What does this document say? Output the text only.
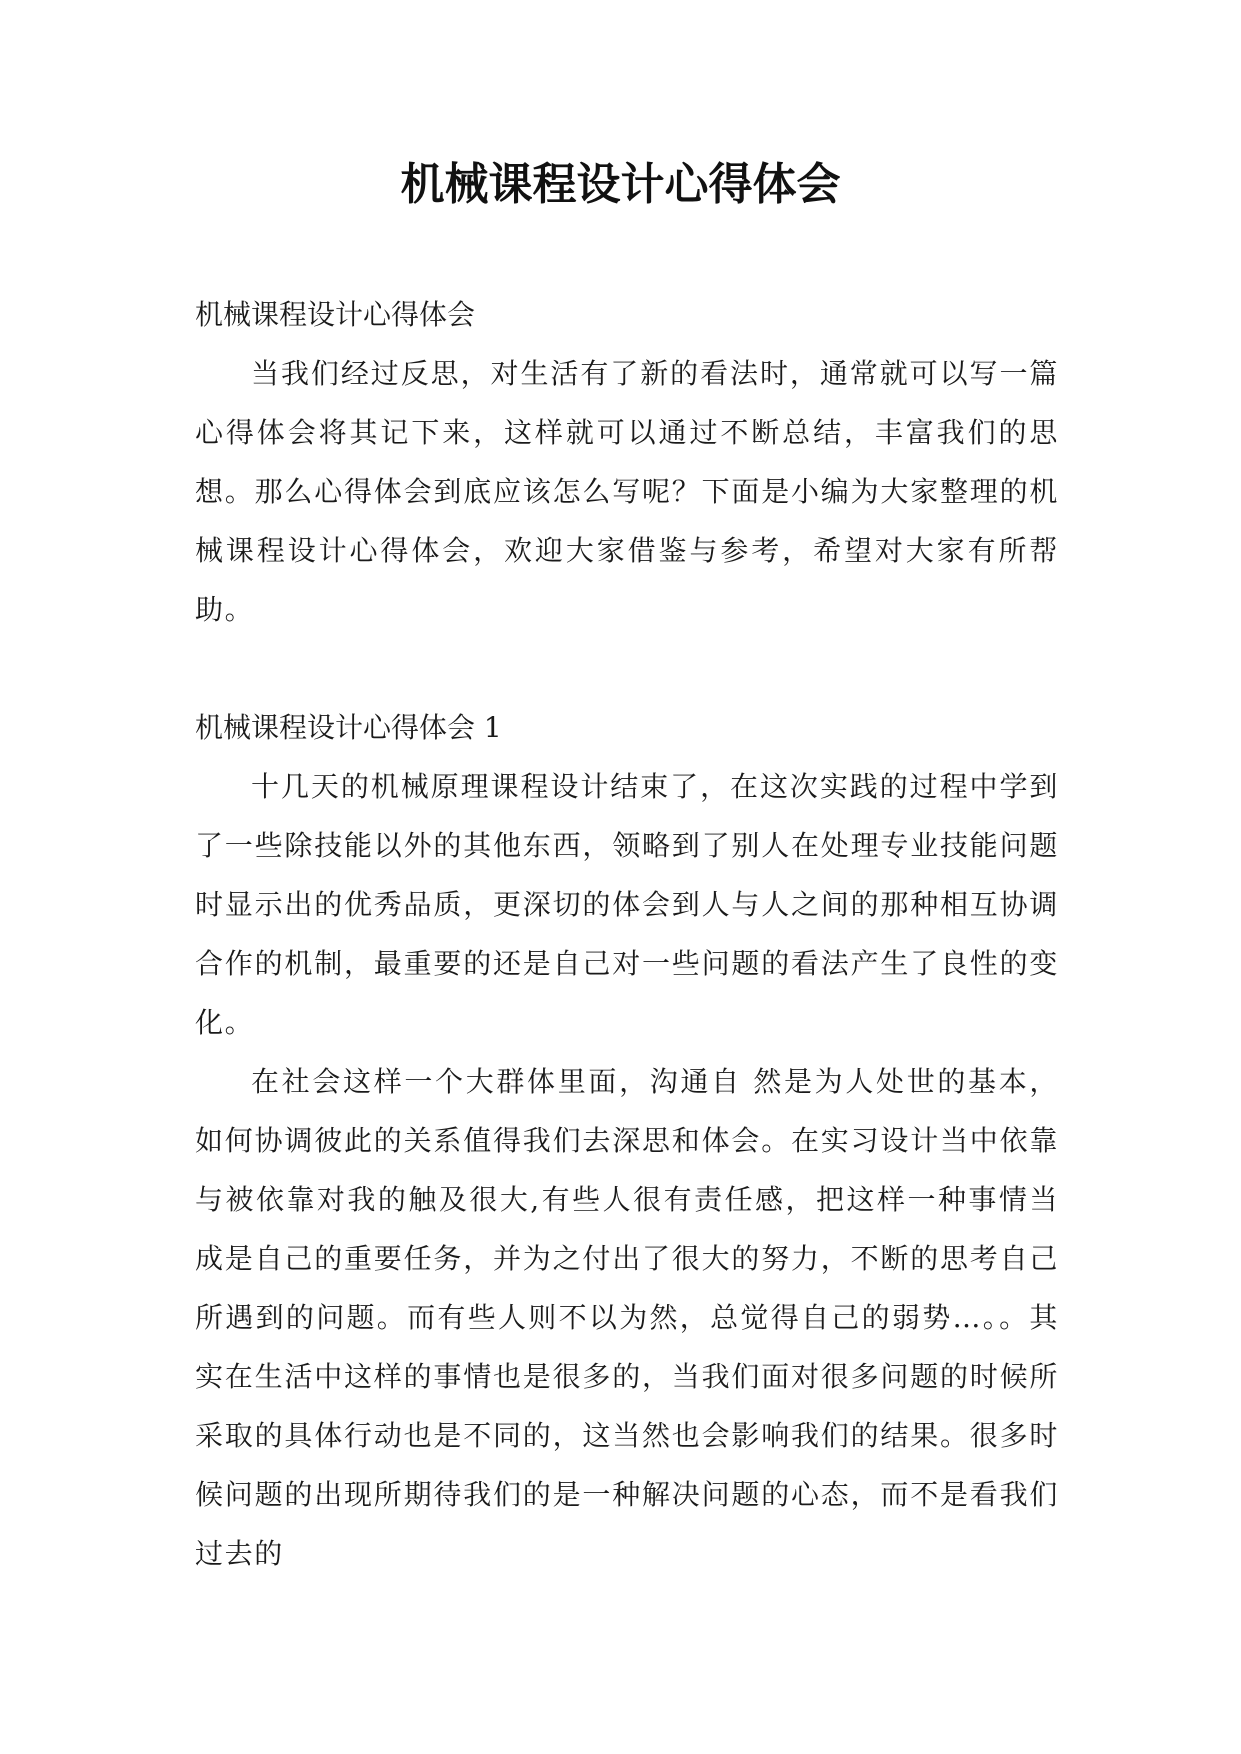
机械课程设计心得体会

机械课程设计心得体会

当我们经过反思，对生活有了新的看法时，通常就可以写一篇心得体会将其记下来，这样就可以通过不断总结，丰富我们的思想。那么心得体会到底应该怎么写呢？下面是小编为大家整理的机械课程设计心得体会，欢迎大家借鉴与参考，希望对大家有所帮助。

机械课程设计心得体会 1

十几天的机械原理课程设计结束了，在这次实践的过程中学到了一些除技能以外的其他东西，领略到了别人在处理专业技能问题时显示出的优秀品质，更深切的体会到人与人之间的那种相互协调合作的机制，最重要的还是自己对一些问题的看法产生了良性的变化。

在社会这样一个大群体里面，沟通自 然是为人处世的基本，如何协调彼此的关系值得我们去深思和体会。在实习设计当中依靠与被依靠对我的触及很大,有些人很有责任感，把这样一种事情当成是自己的重要任务，并为之付出了很大的努力，不断的思考自己所遇到的问题。而有些人则不以为然，总觉得自己的弱势…。。其实在生活中这样的事情也是很多的，当我们面对很多问题的时候所采取的具体行动也是不同的，这当然也会影响我们的结果。很多时候问题的出现所期待我们的是一种解决问题的心态，而不是看我们过去的
